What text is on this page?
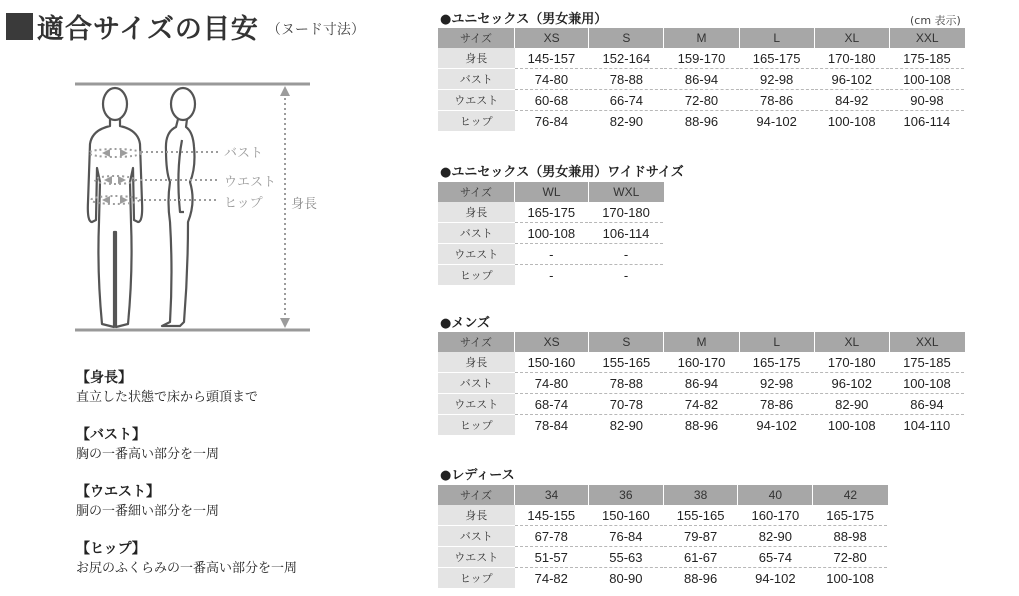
適合サイズの目安 （ヌード寸法）
バスト
ウエスト
ヒップ 身長
【身長】
直立した状態で床から頭頂まで
【バスト】
胸の一番高い部分を一周
【ウエスト】
胴の一番細い部分を一周
【ヒップ】
お尻のふくらみの一番高い部分を一周
(cm 表示)
●ユニセックス（男女兼用）
サイズ	XS	S	M	L	XL	XXL
身長	145-157	152-164	159-170	165-175	170-180	175-185
バスト	74-80	78-88	86-94	92-98	96-102	100-108
ウエスト	60-68	66-74	72-80	78-86	84-92	90-98
ヒップ	76-84	82-90	88-96	94-102	100-108	106-114
●ユニセックス（男女兼用）ワイドサイズ
サイズ	WL	WXL
身長	165-175	170-180
バスト	100-108	106-114
ウエスト	-	-
ヒップ	-	-
●メンズ
サイズ	XS	S	M	L	XL	XXL
身長	150-160	155-165	160-170	165-175	170-180	175-185
バスト	74-80	78-88	86-94	92-98	96-102	100-108
ウエスト	68-74	70-78	74-82	78-86	82-90	86-94
ヒップ	78-84	82-90	88-96	94-102	100-108	104-110
●レディース
サイズ	34	36	38	40	42
身長	145-155	150-160	155-165	160-170	165-175
バスト	67-78	76-84	79-87	82-90	88-98
ウエスト	51-57	55-63	61-67	65-74	72-80
ヒップ	74-82	80-90	88-96	94-102	100-108
